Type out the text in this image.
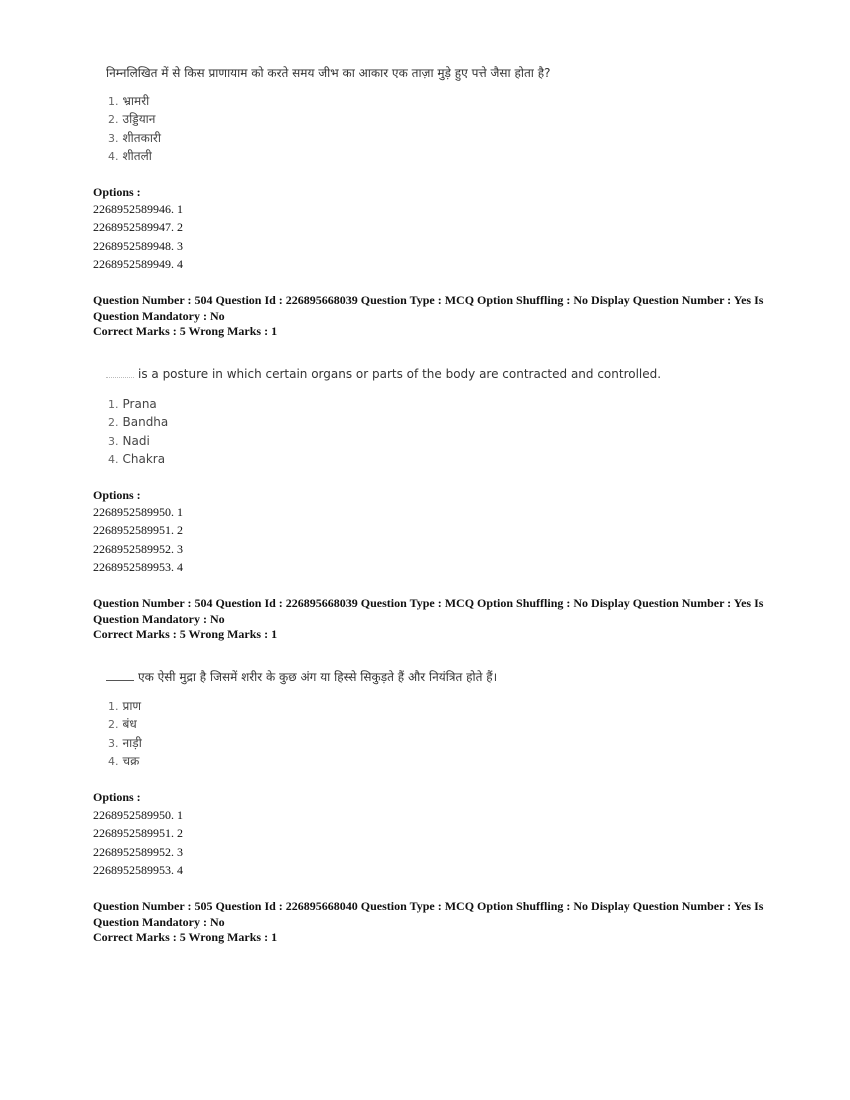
निम्नलिखित में से किस प्राणायाम को करते समय जीभ का आकार एक ताज़ा मुड़े हुए पत्ते जैसा होता है?
1. भ्रामरी
2. उड्डियान
3. शीतकारी
4. शीतली
Options :
2268952589946. 1
2268952589947. 2
2268952589948. 3
2268952589949. 4
Question Number : 504 Question Id : 226895668039 Question Type : MCQ Option Shuffling : No Display Question Number : Yes Is
Question Mandatory : No
Correct Marks : 5 Wrong Marks : 1
is a posture in which certain organs or parts of the body are contracted and controlled.
1. Prana
2. Bandha
3. Nadi
4. Chakra
Options :
2268952589950. 1
2268952589951. 2
2268952589952. 3
2268952589953. 4
Question Number : 504 Question Id : 226895668039 Question Type : MCQ Option Shuffling : No Display Question Number : Yes Is
Question Mandatory : No
Correct Marks : 5 Wrong Marks : 1
एक ऐसी मुद्रा है जिसमें शरीर के कुछ अंग या हिस्से सिकुड़ते हैं और नियंत्रित होते हैं।
1. प्राण
2. बंध
3. नाड़ी
4. चक्र
Options :
2268952589950. 1
2268952589951. 2
2268952589952. 3
2268952589953. 4
Question Number : 505 Question Id : 226895668040 Question Type : MCQ Option Shuffling : No Display Question Number : Yes Is
Question Mandatory : No
Correct Marks : 5 Wrong Marks : 1
